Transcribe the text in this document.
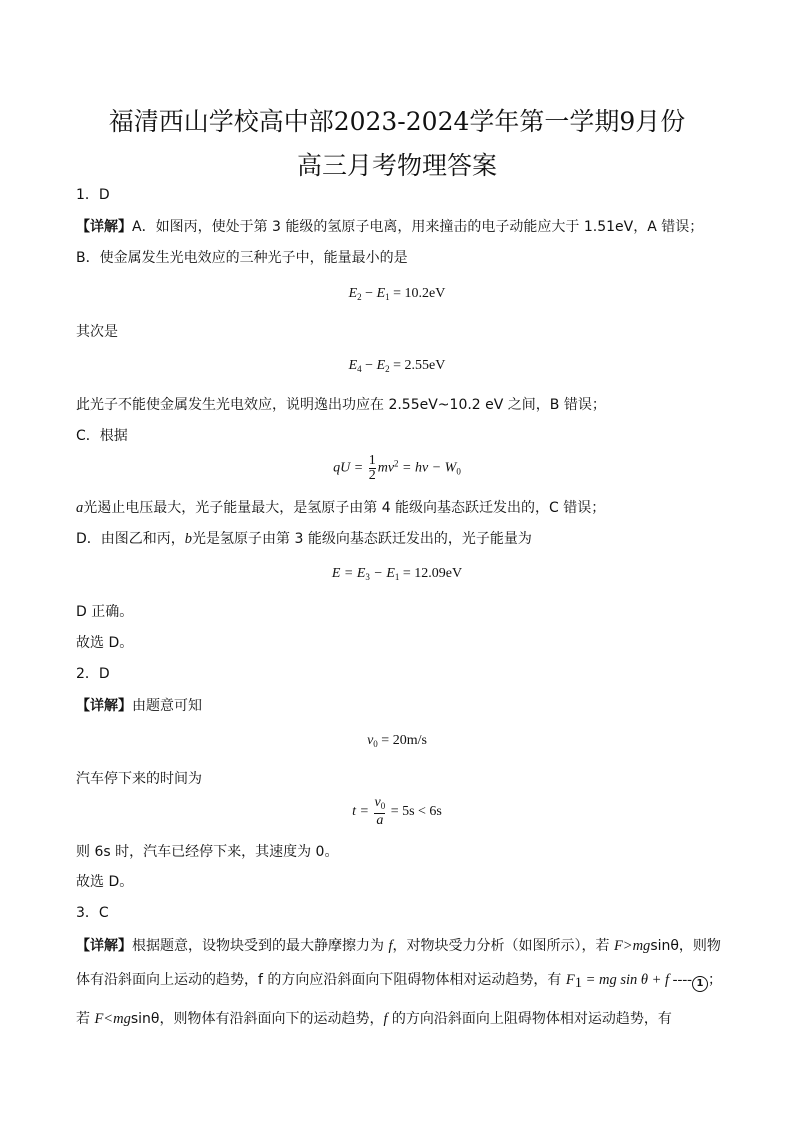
福清西山学校高中部2023-2024学年第一学期9月份
高三月考物理答案
1．D
【详解】A．如图丙，使处于第 3 能级的氢原子电离，用来撞击的电子动能应大于 1.51eV，A 错误；
B．使金属发生光电效应的三种光子中，能量最小的是
$E_2 - E_1 = 10.2eV$
其次是
$E_4 - E_2 = 2.55eV$
此光子不能使金属发生光电效应，说明逸出功应在 2.55eV~10.2 eV 之间，B 错误；
C．根据
qU = $\frac{1}{2} mv^2 = h\nu - W_0$
a光遏止电压最大，光子能量最大，是氢原子由第 4 能级向基态跃迁发出的，C 错误；
D．由图乙和丙，b光是氢原子由第 3 能级向基态跃迁发出的，光子能量为
$E = E_3 - E_1 = 12.09eV$
D 正确。
故选 D。
2．D
【详解】由题意可知
$v_0 = 20m/s$
汽车停下来的时间为
$t = \frac{v_0}{a} = 5s < 6s$
则 6s 时，汽车已经停下来，其速度为 0。
故选 D。
3．C
【详解】根据题意，设物块受到的最大静摩擦力为 f，对物块受力分析（如图所示），若 F>mgsinθ，则物
体有沿斜面向上运动的趋势，f 的方向应沿斜面向下阻碍物体相对运动趋势，有 $F_1$ = mg sin θ + f ---- 1 ；
若 F<mgsinθ，则物体有沿斜面向下的运动趋势，f 的方向沿斜面向上阻碍物体相对运动趋势，有
